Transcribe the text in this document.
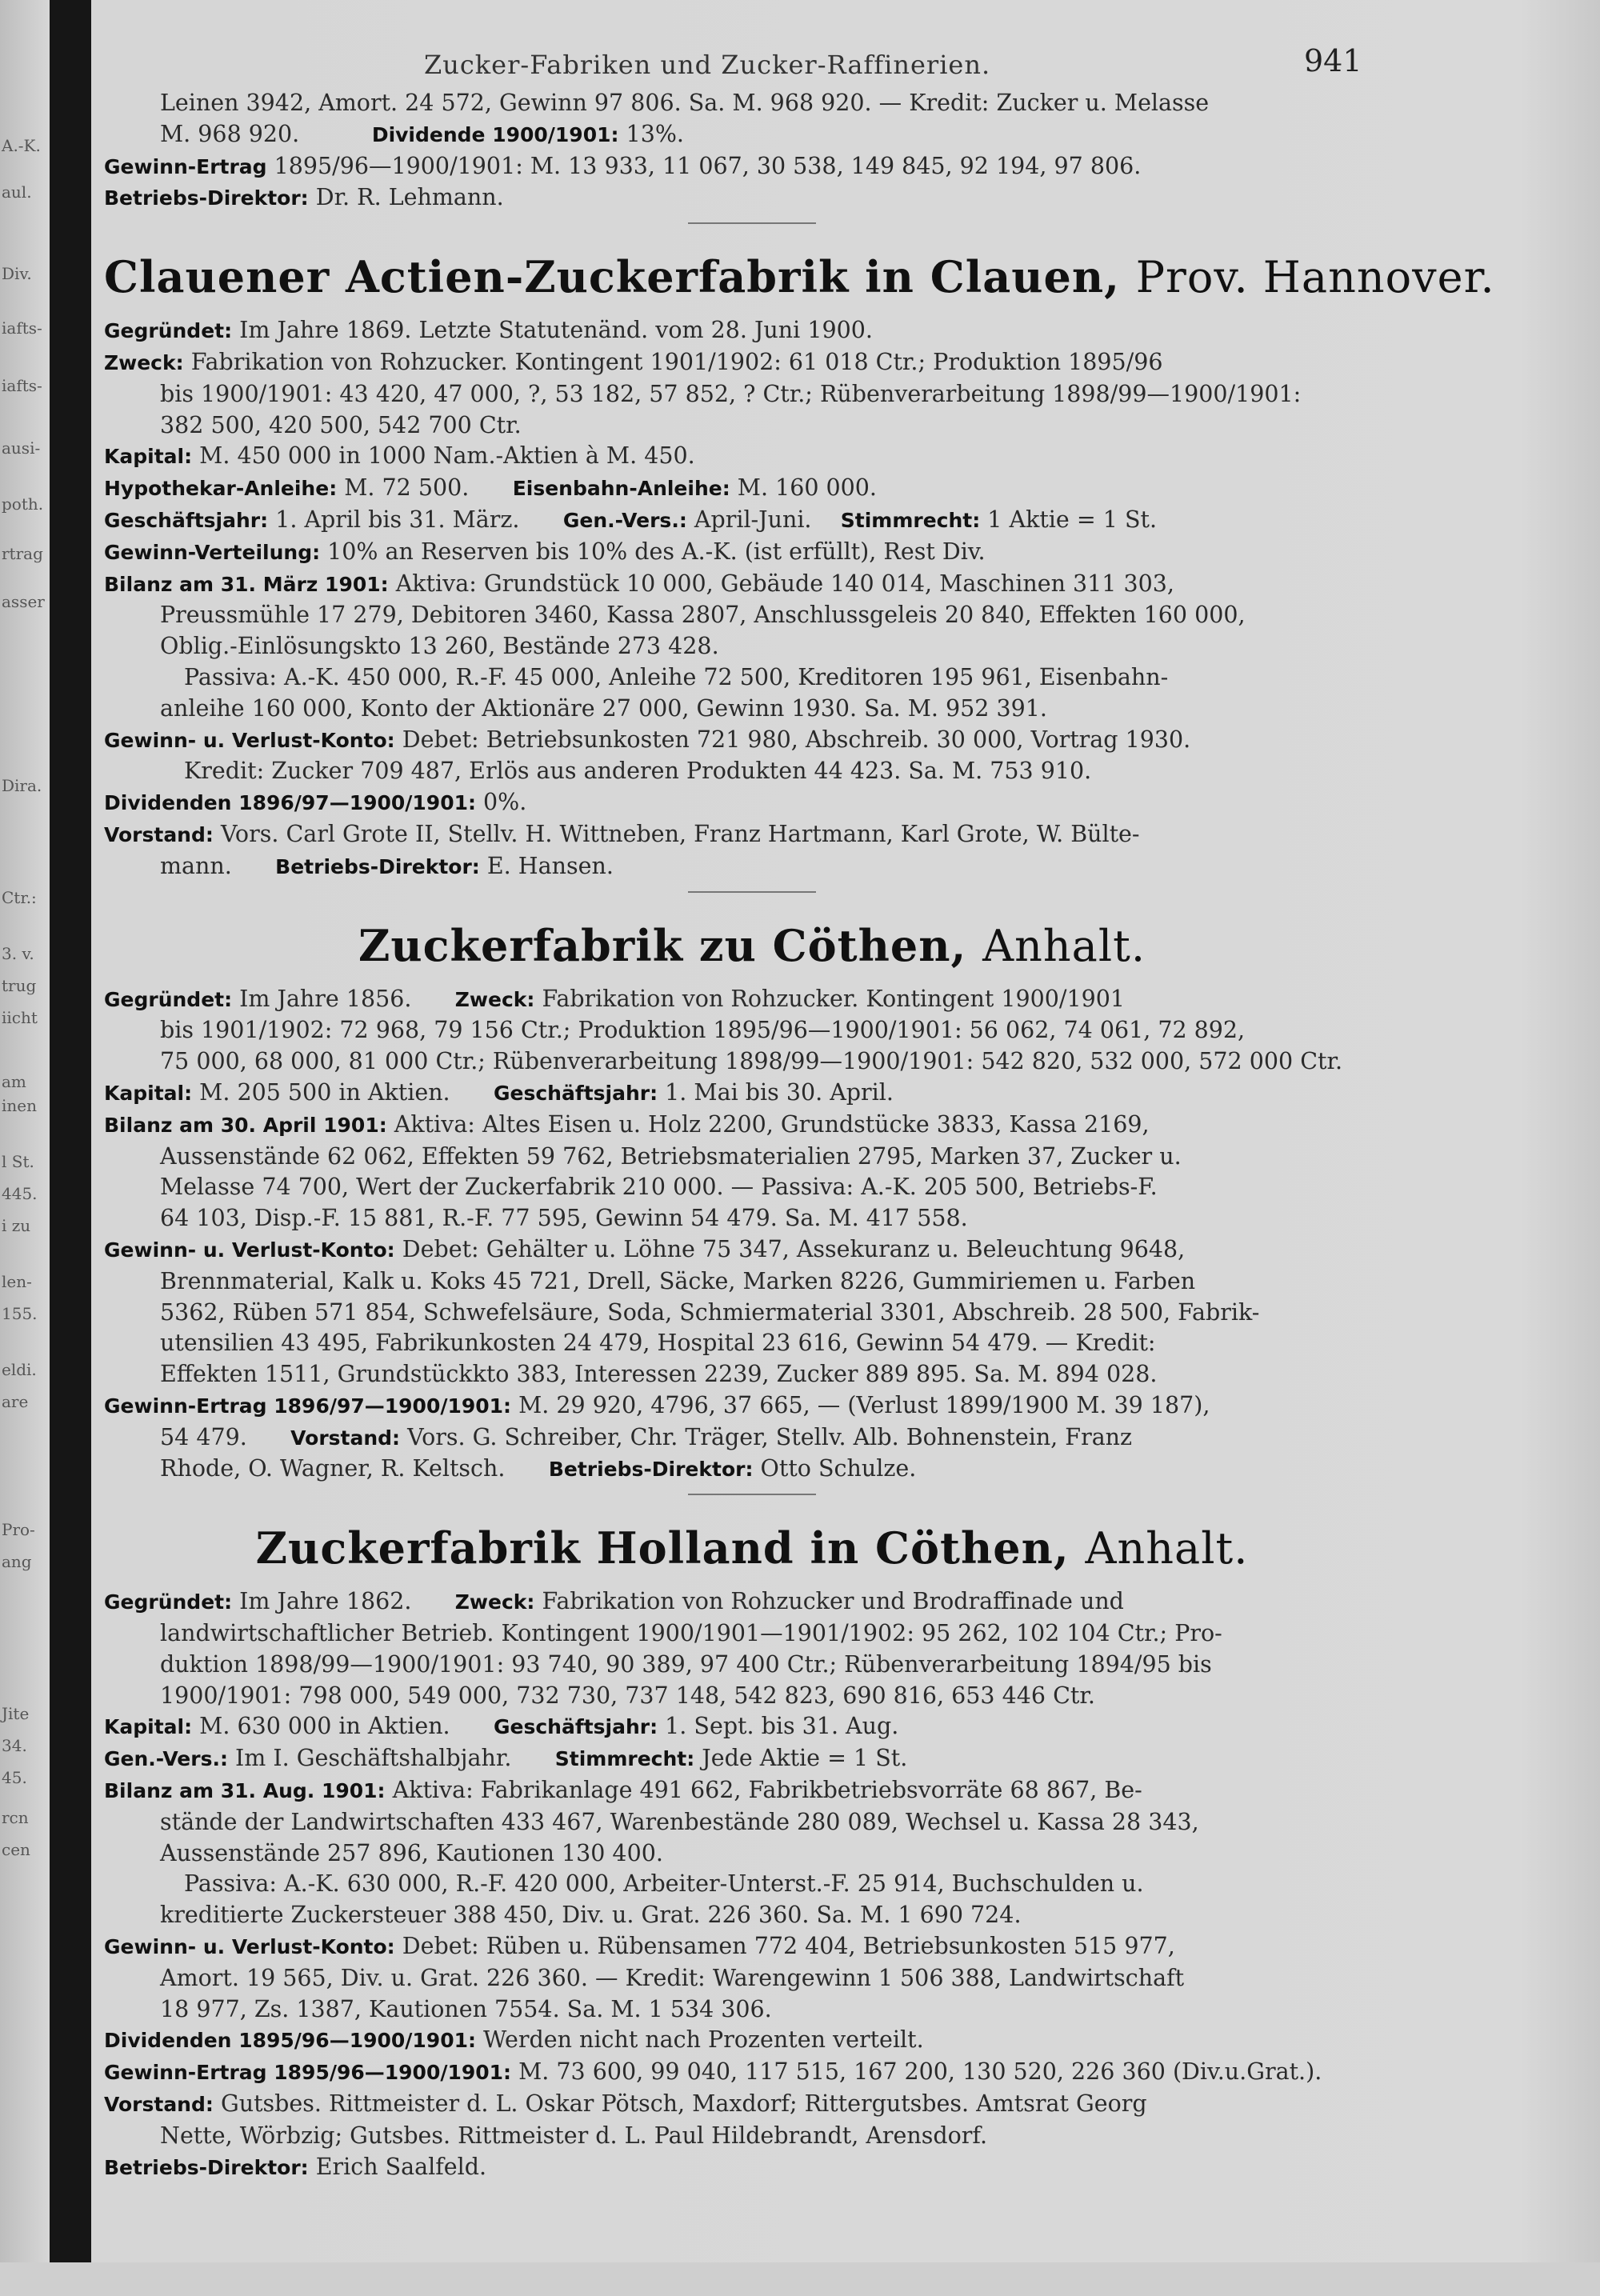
A.-K.
aul.
Div.
iafts-
iafts-
ausi-
poth.
rtrag
asser
Dira.
Ctr.:
3. v.
trug
iicht
am
inen
l St.
445.
i zu
len-
155.
eldi.
are
Pro-
ang
Jite
34.
45.
rcn
cen
Zucker-Fabriken und Zucker-Raffinerien.	941

Leinen 3942, Amort. 24 572, Gewinn 97 806. Sa. M. 968 920. — Kredit: Zucker u. Melasse

M. 968 920.	Dividende 1900/1901: 13%.

Gewinn-Ertrag 1895/96—1900/1901: M. 13 933, 11 067, 30 538, 149 845, 92 194, 97 806.

Betriebs-Direktor: Dr. R. Lehmann.

Clauener Actien-Zuckerfabrik in Clauen, Prov. Hannover.

Gegründet: Im Jahre 1869. Letzte Statutenänd. vom 28. Juni 1900.

Zweck: Fabrikation von Rohzucker. Kontingent 1901/1902: 61 018 Ctr.; Produktion 1895/96

bis 1900/1901: 43 420, 47 000, ?, 53 182, 57 852, ? Ctr.; Rübenverarbeitung 1898/99—1900/1901:

382 500, 420 500, 542 700 Ctr.

Kapital: M. 450 000 in 1000 Nam.-Aktien à M. 450.

Hypothekar-Anleihe: M. 72 500. Eisenbahn-Anleihe: M. 160 000.

Geschäftsjahr: 1. April bis 31. März. Gen.-Vers.: April-Juni. Stimmrecht: 1 Aktie = 1 St.

Gewinn-Verteilung: 10% an Reserven bis 10% des A.-K. (ist erfüllt), Rest Div.

Bilanz am 31. März 1901: Aktiva: Grundstück 10 000, Gebäude 140 014, Maschinen 311 303,

Preussmühle 17 279, Debitoren 3460, Kassa 2807, Anschlussgeleis 20 840, Effekten 160 000,

Oblig.-Einlösungskto 13 260, Bestände 273 428.

Passiva: A.-K. 450 000, R.-F. 45 000, Anleihe 72 500, Kreditoren 195 961, Eisenbahn-

anleihe 160 000, Konto der Aktionäre 27 000, Gewinn 1930. Sa. M. 952 391.

Gewinn- u. Verlust-Konto: Debet: Betriebsunkosten 721 980, Abschreib. 30 000, Vortrag 1930.

Kredit: Zucker 709 487, Erlös aus anderen Produkten 44 423. Sa. M. 753 910.

Dividenden 1896/97—1900/1901: 0%.

Vorstand: Vors. Carl Grote II, Stellv. H. Wittneben, Franz Hartmann, Karl Grote, W. Bülte-

mann. Betriebs-Direktor: E. Hansen.

Zuckerfabrik zu Cöthen, Anhalt.

Gegründet: Im Jahre 1856. Zweck: Fabrikation von Rohzucker. Kontingent 1900/1901

bis 1901/1902: 72 968, 79 156 Ctr.; Produktion 1895/96—1900/1901: 56 062, 74 061, 72 892,

75 000, 68 000, 81 000 Ctr.; Rübenverarbeitung 1898/99—1900/1901: 542 820, 532 000, 572 000 Ctr.

Kapital: M. 205 500 in Aktien. Geschäftsjahr: 1. Mai bis 30. April.

Bilanz am 30. April 1901: Aktiva: Altes Eisen u. Holz 2200, Grundstücke 3833, Kassa 2169,

Aussenstände 62 062, Effekten 59 762, Betriebsmaterialien 2795, Marken 37, Zucker u.

Melasse 74 700, Wert der Zuckerfabrik 210 000. — Passiva: A.-K. 205 500, Betriebs-F.

64 103, Disp.-F. 15 881, R.-F. 77 595, Gewinn 54 479. Sa. M. 417 558.

Gewinn- u. Verlust-Konto: Debet: Gehälter u. Löhne 75 347, Assekuranz u. Beleuchtung 9648,

Brennmaterial, Kalk u. Koks 45 721, Drell, Säcke, Marken 8226, Gummiriemen u. Farben

5362, Rüben 571 854, Schwefelsäure, Soda, Schmiermaterial 3301, Abschreib. 28 500, Fabrik-

utensilien 43 495, Fabrikunkosten 24 479, Hospital 23 616, Gewinn 54 479. — Kredit:

Effekten 1511, Grundstückkto 383, Interessen 2239, Zucker 889 895. Sa. M. 894 028.

Gewinn-Ertrag 1896/97—1900/1901: M. 29 920, 4796, 37 665, — (Verlust 1899/1900 M. 39 187),

54 479. Vorstand: Vors. G. Schreiber, Chr. Träger, Stellv. Alb. Bohnenstein, Franz

Rhode, O. Wagner, R. Keltsch. Betriebs-Direktor: Otto Schulze.

Zuckerfabrik Holland in Cöthen, Anhalt.

Gegründet: Im Jahre 1862. Zweck: Fabrikation von Rohzucker und Brodraffinade und

landwirtschaftlicher Betrieb. Kontingent 1900/1901—1901/1902: 95 262, 102 104 Ctr.; Pro-

duktion 1898/99—1900/1901: 93 740, 90 389, 97 400 Ctr.; Rübenverarbeitung 1894/95 bis

1900/1901: 798 000, 549 000, 732 730, 737 148, 542 823, 690 816, 653 446 Ctr.

Kapital: M. 630 000 in Aktien. Geschäftsjahr: 1. Sept. bis 31. Aug.

Gen.-Vers.: Im I. Geschäftshalbjahr. Stimmrecht: Jede Aktie = 1 St.

Bilanz am 31. Aug. 1901: Aktiva: Fabrikanlage 491 662, Fabrikbetriebsvorräte 68 867, Be-

stände der Landwirtschaften 433 467, Warenbestände 280 089, Wechsel u. Kassa 28 343,

Aussenstände 257 896, Kautionen 130 400.

Passiva: A.-K. 630 000, R.-F. 420 000, Arbeiter-Unterst.-F. 25 914, Buchschulden u.

kreditierte Zuckersteuer 388 450, Div. u. Grat. 226 360. Sa. M. 1 690 724.

Gewinn- u. Verlust-Konto: Debet: Rüben u. Rübensamen 772 404, Betriebsunkosten 515 977,

Amort. 19 565, Div. u. Grat. 226 360. — Kredit: Warengewinn 1 506 388, Landwirtschaft

18 977, Zs. 1387, Kautionen 7554. Sa. M. 1 534 306.

Dividenden 1895/96—1900/1901: Werden nicht nach Prozenten verteilt.

Gewinn-Ertrag 1895/96—1900/1901: M. 73 600, 99 040, 117 515, 167 200, 130 520, 226 360 (Div.u.Grat.).

Vorstand: Gutsbes. Rittmeister d. L. Oskar Pötsch, Maxdorf; Rittergutsbes. Amtsrat Georg

Nette, Wörbzig; Gutsbes. Rittmeister d. L. Paul Hildebrandt, Arensdorf.

Betriebs-Direktor: Erich Saalfeld.
